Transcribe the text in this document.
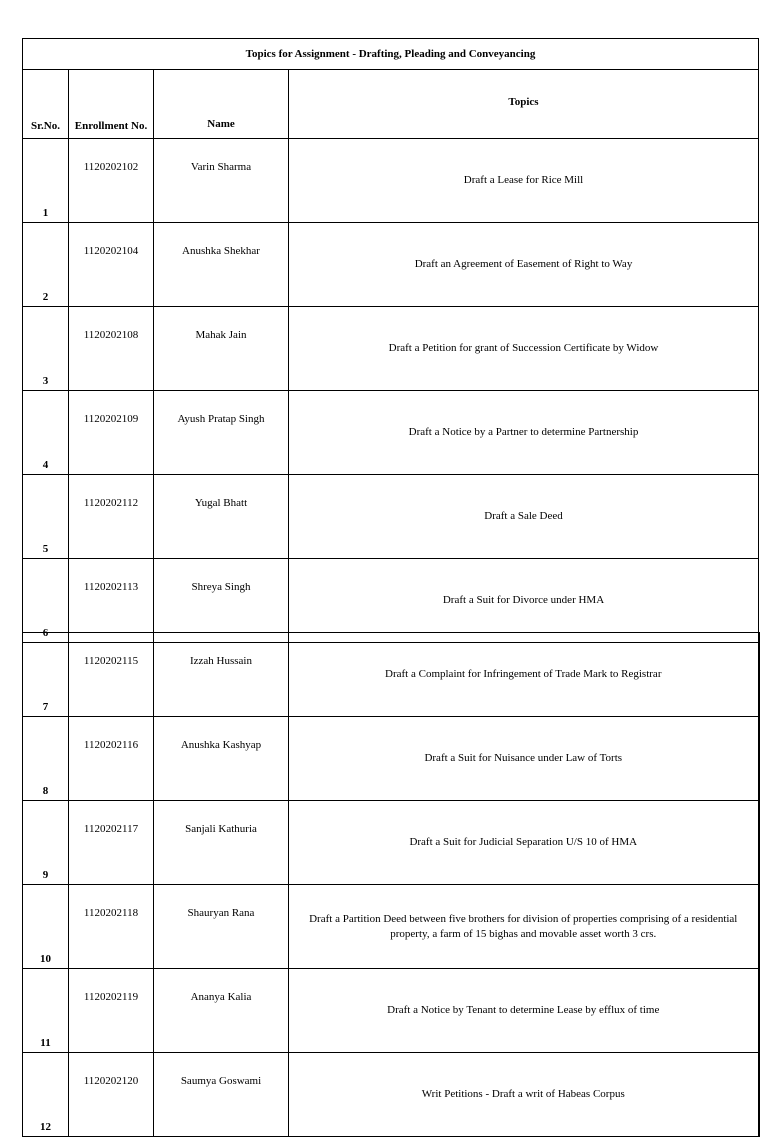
Topics for Assignment - Drafting, Pleading and Conveyancing			
Sr.No.	Enrollment No.	Name	Topics
1	1120202102	Varin Sharma	Draft a Lease for Rice Mill
2	1120202104	Anushka Shekhar	Draft an Agreement of Easement of Right to Way
3	1120202108	Mahak Jain	Draft a Petition for grant of Succession Certificate by Widow
4	1120202109	Ayush Pratap Singh	Draft a Notice by a Partner to determine Partnership
5	1120202112	Yugal Bhatt	Draft a Sale Deed
6	1120202113	Shreya Singh	Draft a Suit for Divorce under HMA
7	1120202115	Izzah Hussain	Draft a Complaint for Infringement of Trade Mark to Registrar
8	1120202116	Anushka Kashyap	Draft a Suit for Nuisance under Law of Torts
9	1120202117	Sanjali Kathuria	Draft a Suit for Judicial Separation U/S 10 of HMA
10	1120202118	Shauryan Rana	Draft a Partition Deed between five brothers for division of properties comprising of a residential property, a farm of 15 bighas and movable asset worth 3 crs.
11	1120202119	Ananya Kalia	Draft a Notice by Tenant to determine Lease by efflux of time
12	1120202120	Saumya Goswami	Writ Petitions - Draft a writ of Habeas Corpus
